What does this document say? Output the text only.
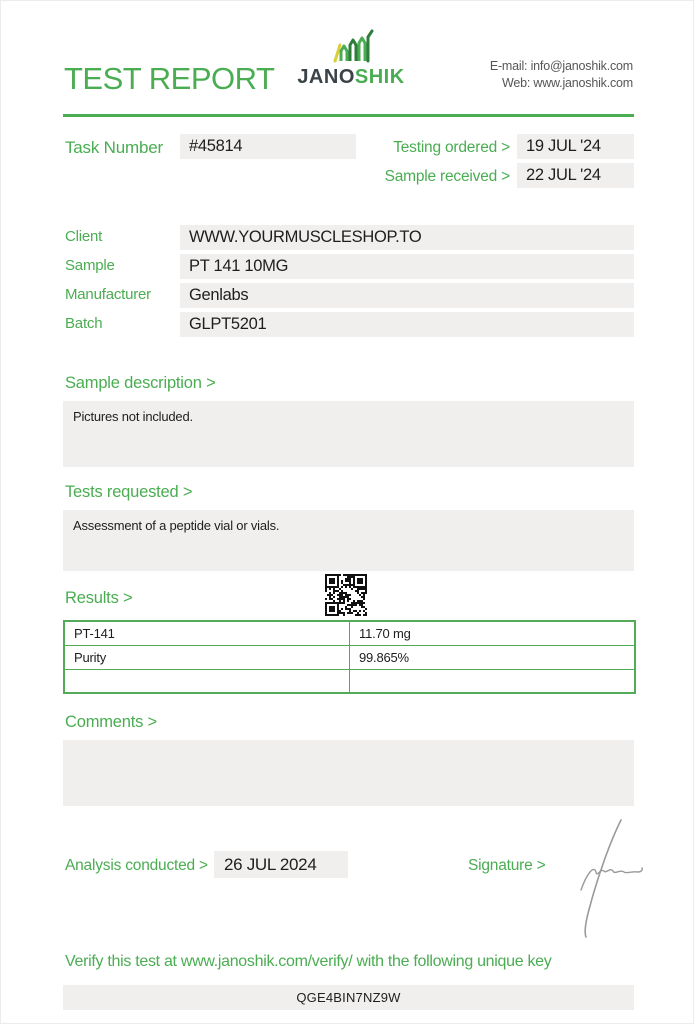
TEST REPORT JANOSHIK	E-mail: info@janoshik.com
Web: www.janoshik.com
Task Number	#45814	Testing ordered > 19 JUL '24
Sample received > 22 JUL '24
Client	WWW.YOURMUSCLESHOP.TO
Sample	PT 141 10MG
Manufacturer	Genlabs
Batch	GLPT5201
Sample description >
Pictures not included.
Tests requested >
Assessment of a peptide vial or vials.
Results >
PT-141	11.70 mg
Purity	99.865%

Comments >
Analysis conducted > 26 JUL 2024	Signature >
Verify this test at www.janoshik.com/verify/ with the following unique key
QGE4BIN7NZ9W
